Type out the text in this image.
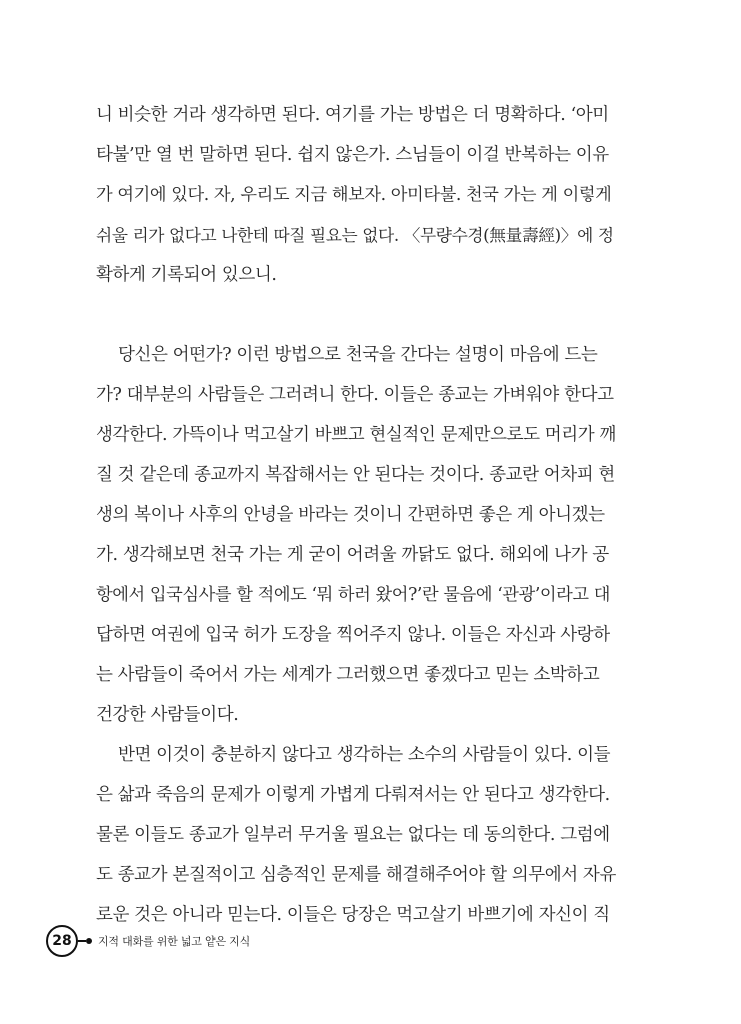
니 비슷한 거라 생각하면 된다. 여기를 가는 방법은 더 명확하다. ‘아미
타불’만 열 번 말하면 된다. 쉽지 않은가. 스님들이 이걸 반복하는 이유
가 여기에 있다. 자, 우리도 지금 해보자. 아미타불. 천국 가는 게 이렇게
쉬울 리가 없다고 나한테 따질 필요는 없다. 〈무량수경(無量壽經)〉에 정
확하게 기록되어 있으니.
당신은 어떤가? 이런 방법으로 천국을 간다는 설명이 마음에 드는
가? 대부분의 사람들은 그러려니 한다. 이들은 종교는 가벼워야 한다고
생각한다. 가뜩이나 먹고살기 바쁘고 현실적인 문제만으로도 머리가 깨
질 것 같은데 종교까지 복잡해서는 안 된다는 것이다. 종교란 어차피 현
생의 복이나 사후의 안녕을 바라는 것이니 간편하면 좋은 게 아니겠는
가. 생각해보면 천국 가는 게 굳이 어려울 까닭도 없다. 해외에 나가 공
항에서 입국심사를 할 적에도 ‘뭐 하러 왔어?’란 물음에 ‘관광’이라고 대
답하면 여권에 입국 허가 도장을 찍어주지 않나. 이들은 자신과 사랑하
는 사람들이 죽어서 가는 세계가 그러했으면 좋겠다고 믿는 소박하고
건강한 사람들이다.
반면 이것이 충분하지 않다고 생각하는 소수의 사람들이 있다. 이들
은 삶과 죽음의 문제가 이렇게 가볍게 다뤄져서는 안 된다고 생각한다.
물론 이들도 종교가 일부러 무거울 필요는 없다는 데 동의한다. 그럼에
도 종교가 본질적이고 심층적인 문제를 해결해주어야 할 의무에서 자유
로운 것은 아니라 믿는다. 이들은 당장은 먹고살기 바쁘기에 자신이 직
28	지적 대화를 위한 넓고 얕은 지식
